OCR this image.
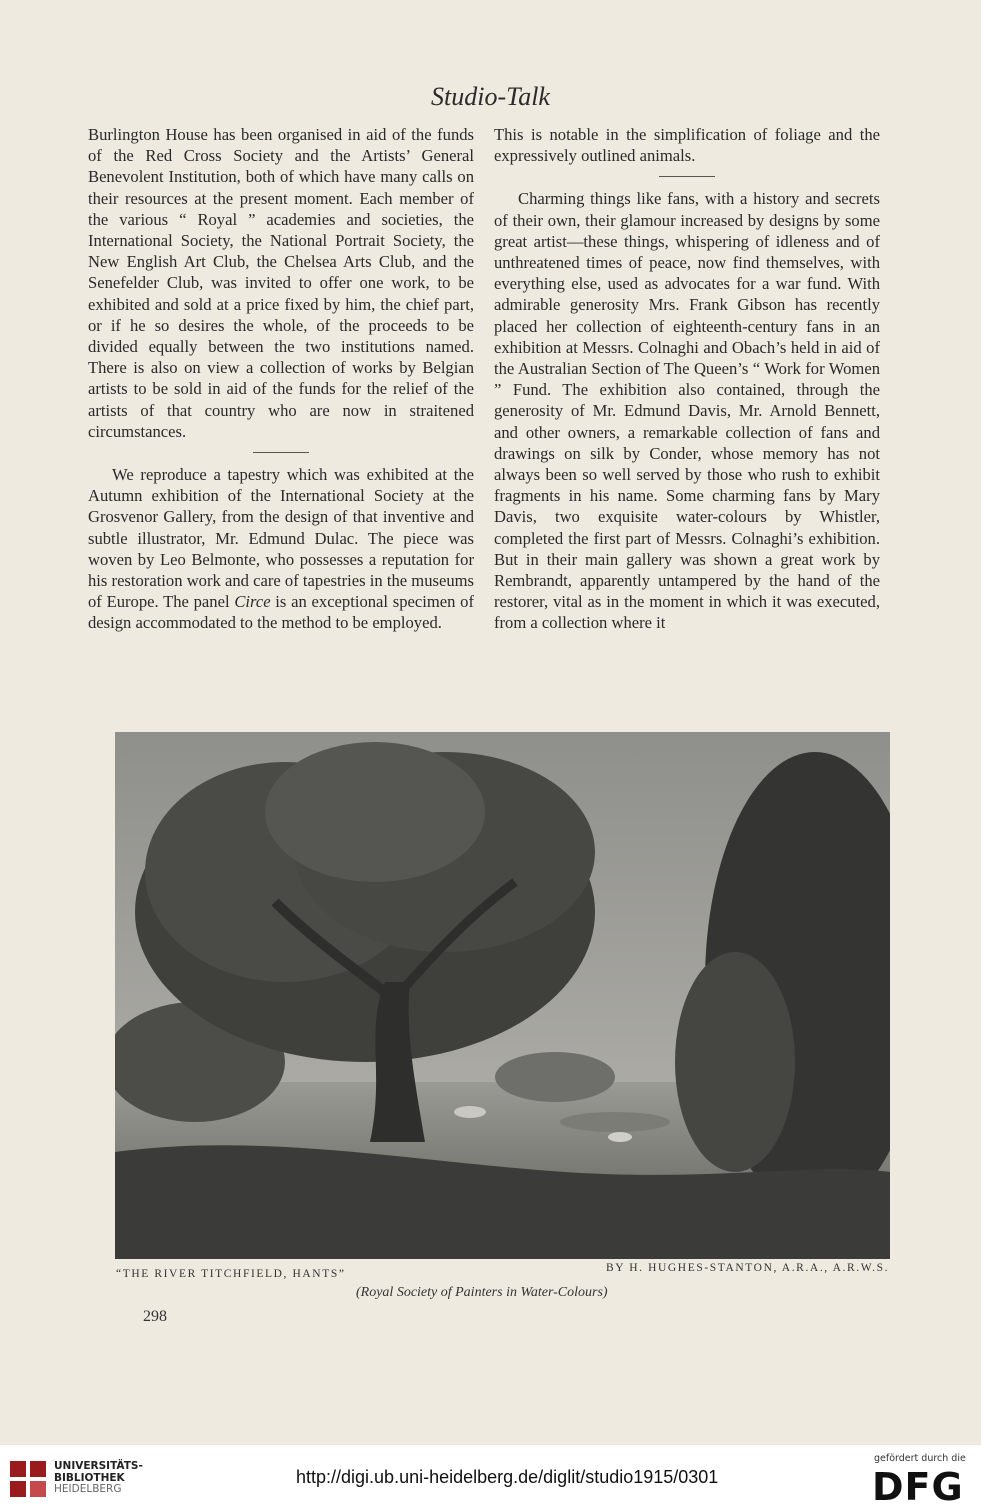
Studio-Talk

Burlington House has been organised in aid of the funds of the Red Cross Society and the Artists’ General Benevolent Institution, both of which have many calls on their resources at the present moment. Each member of the various “ Royal ” academies and societies, the International Society, the National Portrait Society, the New English Art Club, the Chelsea Arts Club, and the Senefelder Club, was invited to offer one work, to be exhibited and sold at a price fixed by him, the chief part, or if he so desires the whole, of the proceeds to be divided equally between the two institutions named. There is also on view a collection of works by Belgian artists to be sold in aid of the funds for the relief of the artists of that country who are now in straitened circumstances.

We reproduce a tapestry which was exhibited at the Autumn exhibition of the International Society at the Grosvenor Gallery, from the design of that inventive and subtle illustrator, Mr. Edmund Dulac. The piece was woven by Leo Belmonte, who possesses a reputation for his restoration work and care of tapestries in the museums of Europe. The panel Circe is an exceptional specimen of design accommodated to the method to be employed.

This is notable in the simplification of foliage and the expressively outlined animals.

Charming things like fans, with a history and secrets of their own, their glamour increased by designs by some great artist—these things, whispering of idleness and of unthreatened times of peace, now find themselves, with everything else, used as advocates for a war fund. With admirable generosity Mrs. Frank Gibson has recently placed her collection of eighteenth-century fans in an exhibition at Messrs. Colnaghi and Obach’s held in aid of the Australian Section of The Queen’s “ Work for Women ” Fund. The exhibition also contained, through the generosity of Mr. Edmund Davis, Mr. Arnold Bennett, and other owners, a remarkable collection of fans and drawings on silk by Conder, whose memory has not always been so well served by those who rush to exhibit fragments in his name. Some charming fans by Mary Davis, two exquisite water-colours by Whistler, completed the first part of Messrs. Colnaghi’s exhibition. But in their main gallery was shown a great work by Rembrandt, apparently untampered by the hand of the restorer, vital as in the moment in which it was executed, from a collection where it

“THE RIVER TITCHFIELD, HANTS”	BY H. HUGHES-STANTON, A.R.A., A.R.W.S.
(Royal Society of Painters in Water-Colours)
298
UNIVERSITÄTS-
BIBLIOTHEK
HEIDELBERG
http://digi.ub.uni-heidelberg.de/diglit/studio1915/0301
gefördert durch die
DFG
